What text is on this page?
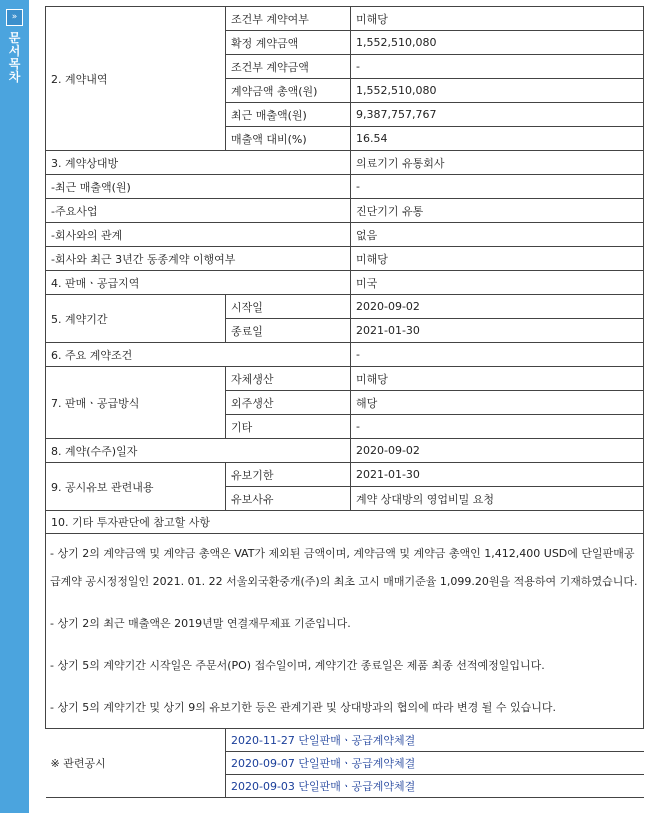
»
문
서
목
차	2. 계약내역	조건부 계약여부	미해당
	확정 계약금액	1,552,510,080
	조건부 계약금액	-
	계약금액 총액(원)	1,552,510,080
	최근 매출액(원)	9,387,757,767
	매출액 대비(%)	16.54
3. 계약상대방		의료기기 유통회사
-최근 매출액(원)		-
-주요사업		진단기기 유통
-회사와의 관계		없음
-회사와 최근 3년간 동종계약 이행여부		미해당
4. 판매ㆍ공급지역		미국
5. 계약기간	시작일	2020-09-02
	종료일	2021-01-30
6. 주요 계약조건		-
7. 판매ㆍ공급방식	자체생산	미해당
	외주생산	해당
	기타	-
8. 계약(수주)일자		2020-09-02
9. 공시유보 관련내용	유보기한	2021-01-30
	유보사유	계약 상대방의 영업비밀 요청
10. 기타 투자판단에 참고할 사항		

- 상기 2의 계약금액 및 계약금 총액은 VAT가 제외된 금액이며, 계약금액 및 계약금 총액인 1,412,400 USD에 단일판매공급계약 공시정정일인 2021. 01. 22 서울외국환중개(주)의 최초 고시 매매기준율 1,099.20원을 적용하여 기재하였습니다.

- 상기 2의 최근 매출액은 2019년말 연결재무제표 기준입니다.

- 상기 5의 계약기간 시작일은 주문서(PO) 접수일이며, 계약기간 종료일은 제품 최종 선적예정일입니다.

- 상기 5의 계약기간 및 상기 9의 유보기한 등은 관계기관 및 상대방과의 협의에 따라 변경 될 수 있습니다.		

※ 관련공시	2020-11-27 단일판매ㆍ공급계약체결	
	2020-09-07 단일판매ㆍ공급계약체결	
	2020-09-03 단일판매ㆍ공급계약체결	
